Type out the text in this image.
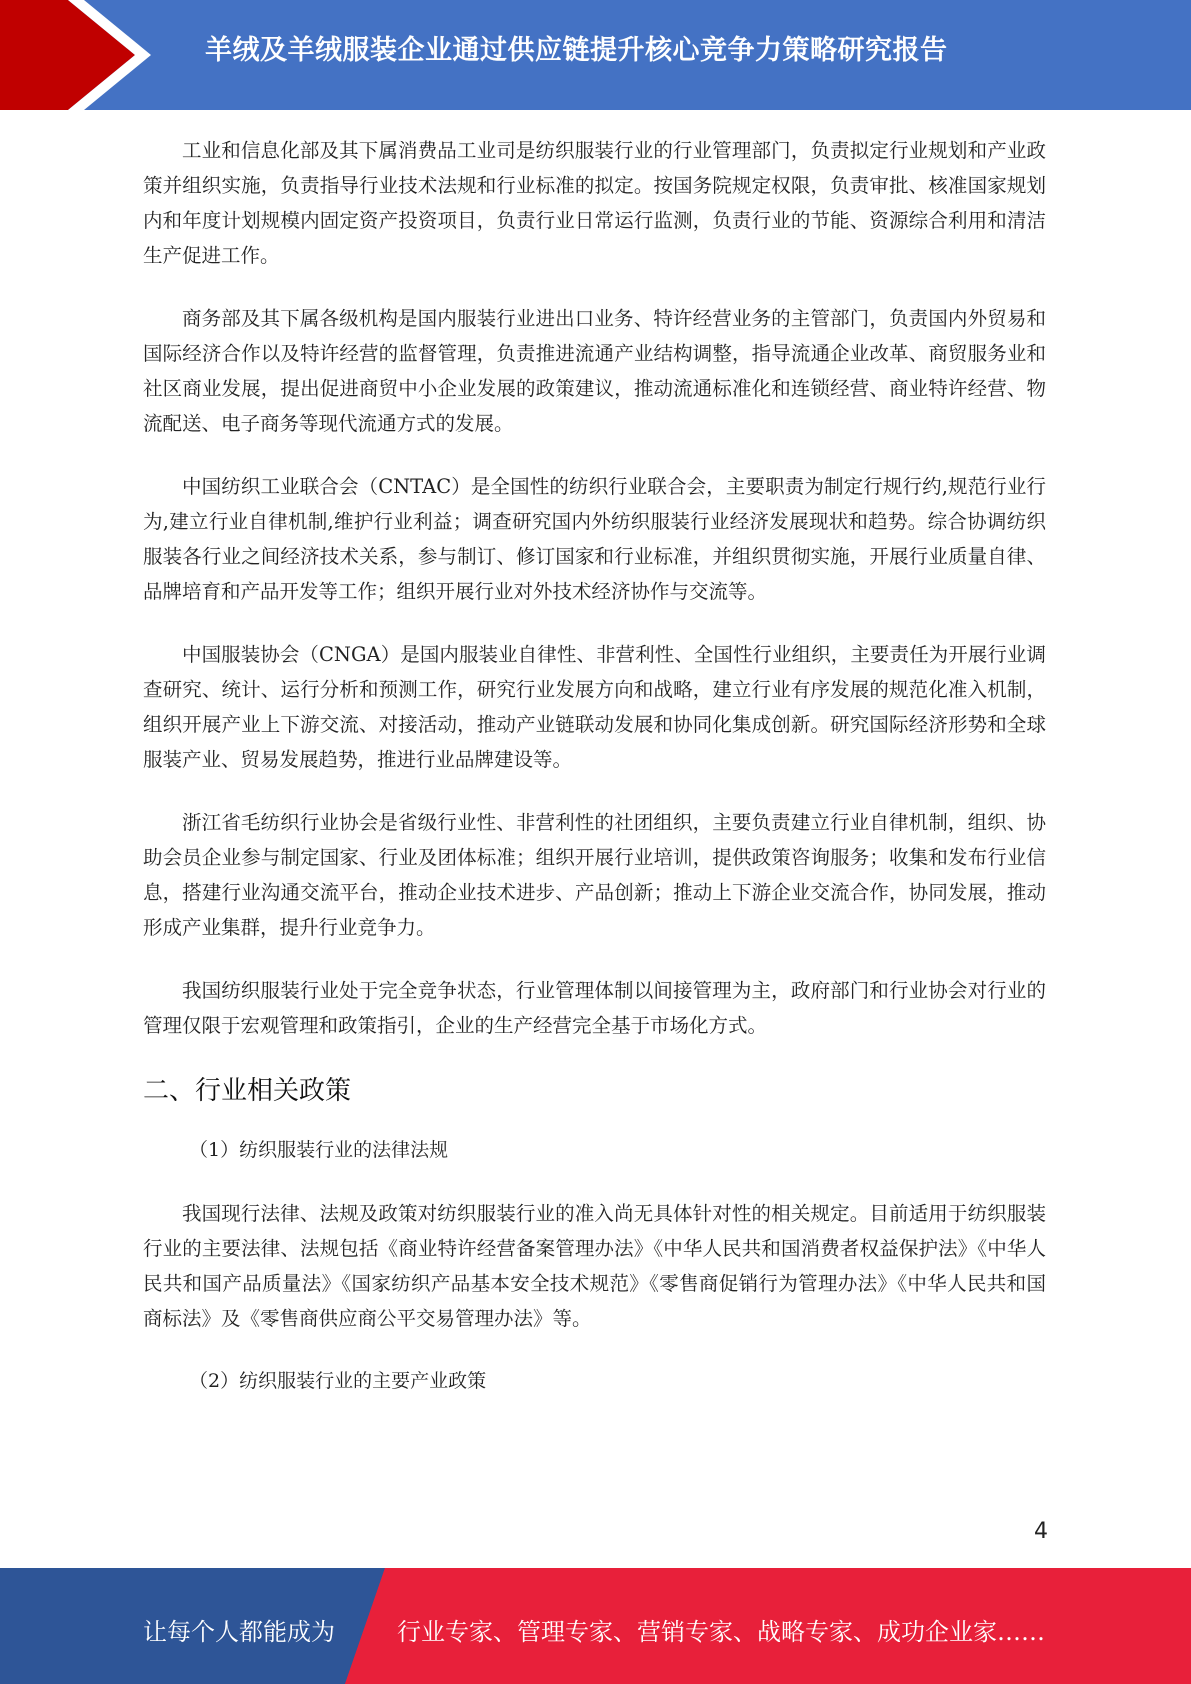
羊绒及羊绒服装企业通过供应链提升核心竞争力策略研究报告

工业和信息化部及其下属消费品工业司是纺织服装行业的行业管理部门，负责拟定行业规划和产业政策并组织实施，负责指导行业技术法规和行业标准的拟定。按国务院规定权限，负责审批、核准国家规划内和年度计划规模内固定资产投资项目，负责行业日常运行监测，负责行业的节能、资源综合利用和清洁生产促进工作。

商务部及其下属各级机构是国内服装行业进出口业务、特许经营业务的主管部门，负责国内外贸易和国际经济合作以及特许经营的监督管理，负责推进流通产业结构调整，指导流通企业改革、商贸服务业和社区商业发展，提出促进商贸中小企业发展的政策建议，推动流通标准化和连锁经营、商业特许经营、物流配送、电子商务等现代流通方式的发展。

中国纺织工业联合会（CNTAC）是全国性的纺织行业联合会，主要职责为制定行规行约,规范行业行为,建立行业自律机制,维护行业利益；调查研究国内外纺织服装行业经济发展现状和趋势。综合协调纺织服装各行业之间经济技术关系，参与制订、修订国家和行业标准，并组织贯彻实施，开展行业质量自律、品牌培育和产品开发等工作；组织开展行业对外技术经济协作与交流等。

中国服装协会（CNGA）是国内服装业自律性、非营利性、全国性行业组织，主要责任为开展行业调查研究、统计、运行分析和预测工作，研究行业发展方向和战略，建立行业有序发展的规范化准入机制，组织开展产业上下游交流、对接活动，推动产业链联动发展和协同化集成创新。研究国际经济形势和全球服装产业、贸易发展趋势，推进行业品牌建设等。

浙江省毛纺织行业协会是省级行业性、非营利性的社团组织，主要负责建立行业自律机制，组织、协助会员企业参与制定国家、行业及团体标准；组织开展行业培训，提供政策咨询服务；收集和发布行业信息，搭建行业沟通交流平台，推动企业技术进步、产品创新；推动上下游企业交流合作，协同发展，推动形成产业集群，提升行业竞争力。

我国纺织服装行业处于完全竞争状态，行业管理体制以间接管理为主，政府部门和行业协会对行业的管理仅限于宏观管理和政策指引，企业的生产经营完全基于市场化方式。

二、行业相关政策
（1）纺织服装行业的法律法规

我国现行法律、法规及政策对纺织服装行业的准入尚无具体针对性的相关规定。目前适用于纺织服装行业的主要法律、法规包括《商业特许经营备案管理办法》《中华人民共和国消费者权益保护法》《中华人民共和国产品质量法》《国家纺织产品基本安全技术规范》《零售商促销行为管理办法》《中华人民共和国商标法》及《零售商供应商公平交易管理办法》等。

（2）纺织服装行业的主要产业政策
4
让每个人都能成为	行业专家、管理专家、营销专家、战略专家、成功企业家……
